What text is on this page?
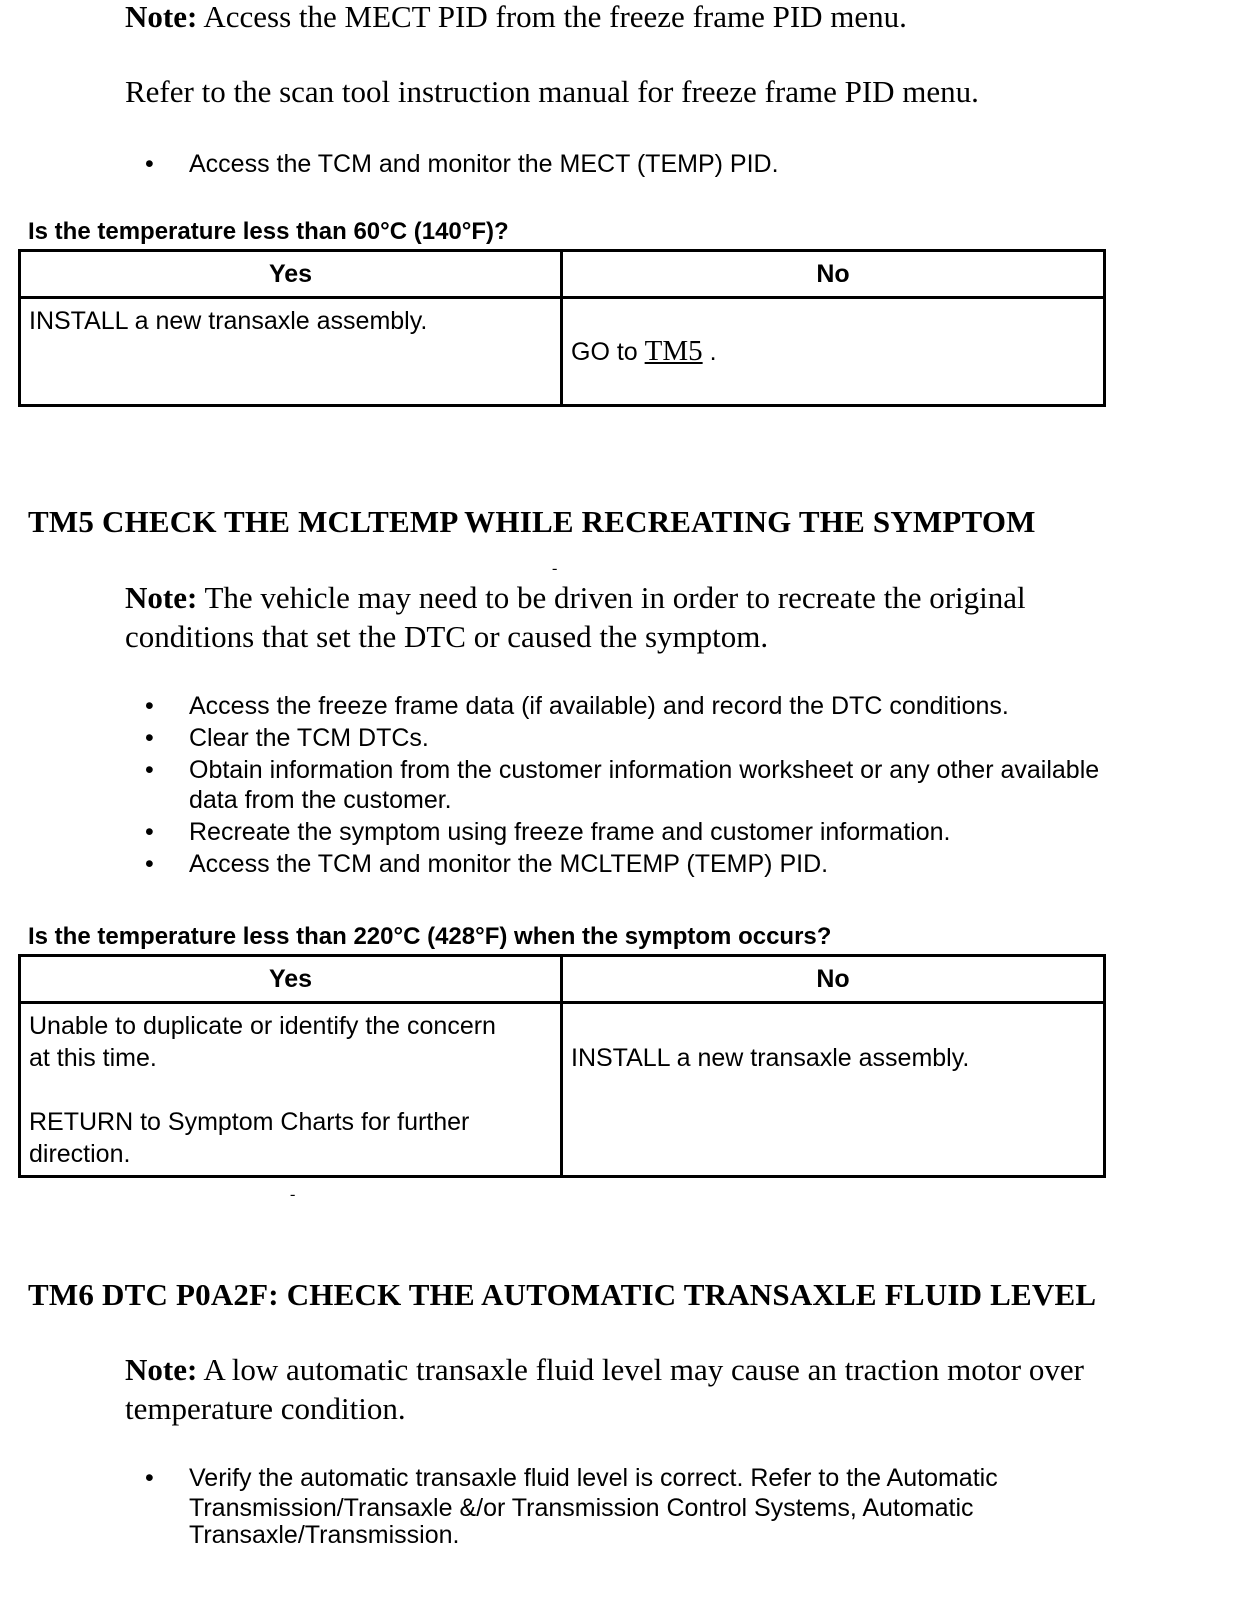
Note: Access the MECT PID from the freeze frame PID menu.
Refer to the scan tool instruction manual for freeze frame PID menu.
• Access the TCM and monitor the MECT (TEMP) PID.
Is the temperature less than 60°C (140°F)?
Yes	No
INSTALL a new transaxle assembly.	GO to TM5 .
TM5 CHECK THE MCLTEMP WHILE RECREATING THE SYMPTOM
-
Note: The vehicle may need to be driven in order to recreate the original
conditions that set the DTC or caused the symptom.
• Access the freeze frame data (if available) and record the DTC conditions.
• Clear the TCM DTCs.
• Obtain information from the customer information worksheet or any other available
data from the customer.
• Recreate the symptom using freeze frame and customer information.
• Access the TCM and monitor the MCLTEMP (TEMP) PID.
Is the temperature less than 220°C (428°F) when the symptom occurs?
Yes	No

Unable to duplicate or identify the concern
at this time.
RETURN to Symptom Charts for further
direction.	INSTALL a new transaxle assembly.
-
TM6 DTC P0A2F: CHECK THE AUTOMATIC TRANSAXLE FLUID LEVEL
Note: A low automatic transaxle fluid level may cause an traction motor over
temperature condition.
• Verify the automatic transaxle fluid level is correct. Refer to the Automatic
Transmission/Transaxle &/or Transmission Control Systems, Automatic
Transaxle/Transmission.
